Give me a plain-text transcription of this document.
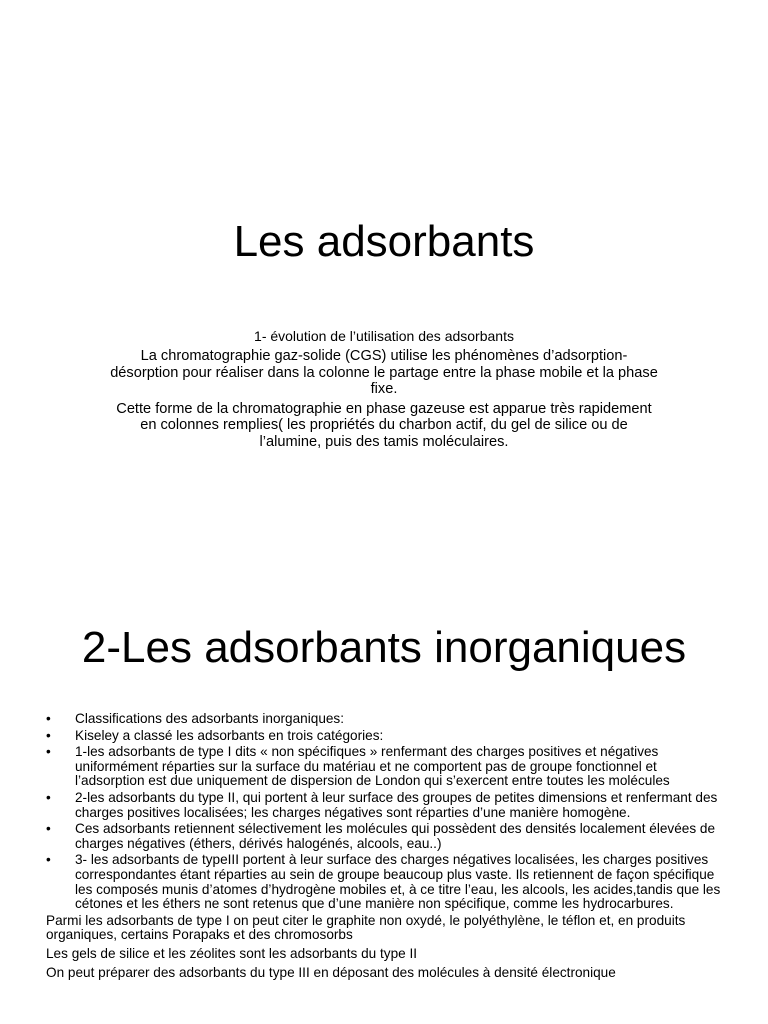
Les adsorbants

1- évolution de l’utilisation des adsorbants

La chromatographie gaz-solide (CGS) utilise les phénomènes d’adsorption-désorption pour réaliser dans la colonne le partage entre la phase mobile et la phase fixe.

Cette forme de la chromatographie en phase gazeuse est apparue très rapidement en colonnes remplies( les propriétés du charbon actif, du gel de silice ou de l’alumine, puis des tamis moléculaires.

2-Les adsorbants inorganiques
• Classifications des adsorbants inorganiques:
• Kiseley a classé les adsorbants en trois catégories:
• 1-les adsorbants de type I dits « non spécifiques » renfermant des charges positives et négatives uniformément réparties sur la surface du matériau et ne comportent pas de groupe fonctionnel et l’adsorption est due uniquement de dispersion de London qui s’exercent entre toutes les molécules
• 2-les adsorbants du type II, qui portent à leur surface des groupes de petites dimensions et renfermant des charges positives localisées; les charges négatives sont réparties d’une manière homogène.
• Ces adsorbants retiennent sélectivement les molécules qui possèdent des densités localement élevées de charges négatives (éthers, dérivés halogénés, alcools, eau..)
• 3- les adsorbants de typeIII portent à leur surface des charges négatives localisées, les charges positives correspondantes étant réparties au sein de groupe beaucoup plus vaste. Ils retiennent de façon spécifique les composés munis d’atomes d’hydrogène mobiles et, à ce titre l’eau, les alcools, les acides,tandis que les cétones et les éthers ne sont retenus que d’une manière non spécifique, comme les hydrocarbures.

Parmi les adsorbants de type I on peut citer le graphite non oxydé, le polyéthylène, le téflon et, en produits organiques, certains Porapaks et des chromosorbs

Les gels de silice et les zéolites sont les adsorbants du type II

On peut préparer des adsorbants du type III en déposant des molécules à densité électronique
